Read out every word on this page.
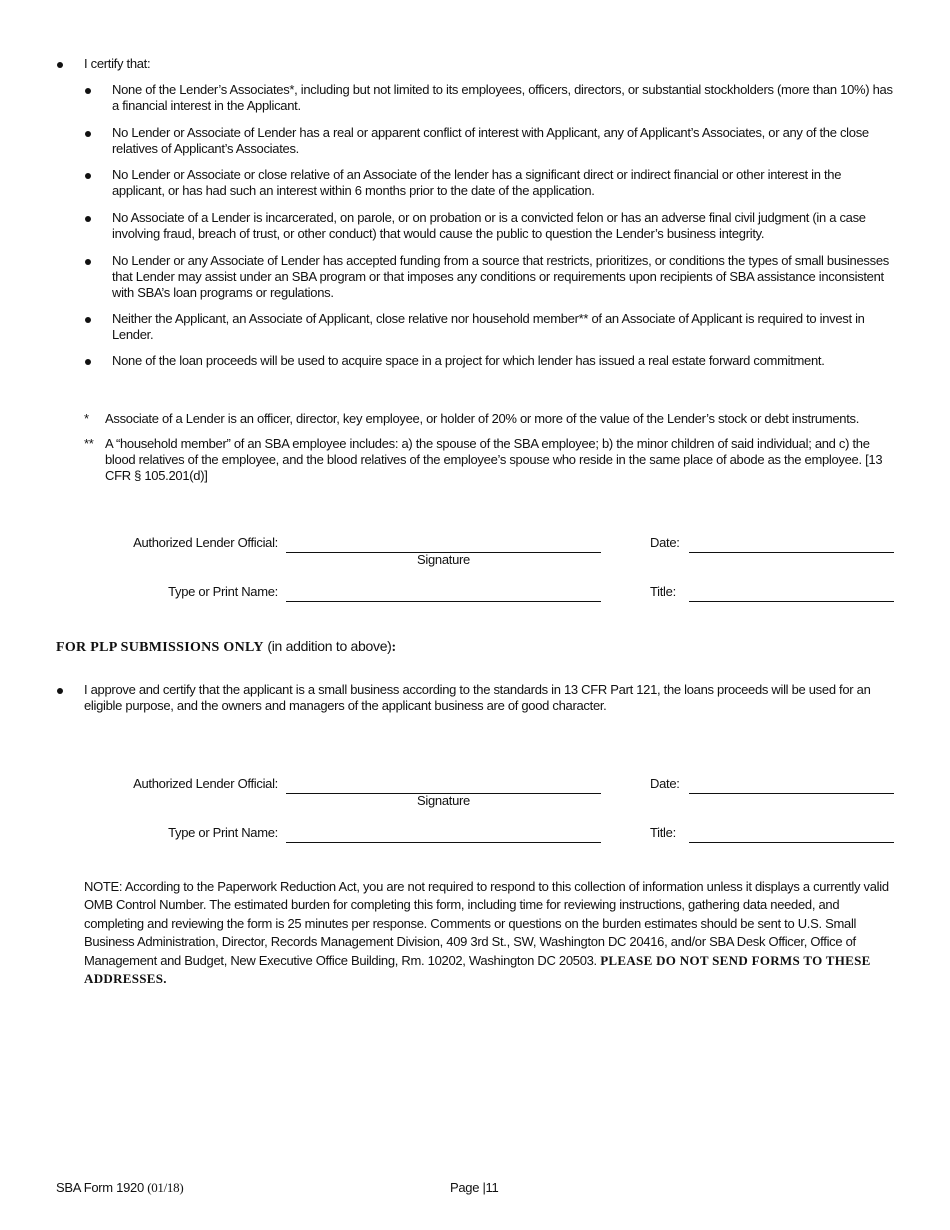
I certify that:
None of the Lender’s Associates*, including but not limited to its employees, officers, directors, or substantial stockholders (more than 10%) has a financial interest in the Applicant.
No Lender or Associate of Lender has a real or apparent conflict of interest with Applicant, any of Applicant’s Associates, or any of the close relatives of Applicant’s Associates.
No Lender or Associate or close relative of an Associate of the lender has a significant direct or indirect financial or other interest in the applicant, or has had such an interest within 6 months prior to the date of the application.
No Associate of a Lender is incarcerated, on parole, or on probation or is a convicted felon or has an adverse final civil judgment (in a case involving fraud, breach of trust, or other conduct) that would cause the public to question the Lender’s business integrity.
No Lender or any Associate of Lender has accepted funding from a source that restricts, prioritizes, or conditions the types of small businesses that Lender may assist under an SBA program or that imposes any conditions or requirements upon recipients of SBA assistance inconsistent with SBA’s loan programs or regulations.
Neither the Applicant, an Associate of Applicant, close relative nor household member** of an Associate of Applicant is required to invest in Lender.
None of the loan proceeds will be used to acquire space in a project for which lender has issued a real estate forward commitment.
* Associate of a Lender is an officer, director, key employee, or holder of 20% or more of the value of the Lender’s stock or debt instruments.
** A “household member” of an SBA employee includes: a) the spouse of the SBA employee; b) the minor children of said individual; and c) the blood relatives of the employee, and the blood relatives of the employee’s spouse who reside in the same place of abode as the employee. [13 CFR § 105.201(d)]
Authorized Lender Official:
Signature
Date:
Type or Print Name:	Title:
FOR PLP SUBMISSIONS ONLY (in addition to above):
I approve and certify that the applicant is a small business according to the standards in 13 CFR Part 121, the loans proceeds will be used for an eligible purpose, and the owners and managers of the applicant business are of good character.
Authorized Lender Official:
Signature
Date:
Type or Print Name:	Title:
NOTE: According to the Paperwork Reduction Act, you are not required to respond to this collection of information unless it displays a currently valid OMB Control Number. The estimated burden for completing this form, including time for reviewing instructions, gathering data needed, and completing and reviewing the form is 25 minutes per response. Comments or questions on the burden estimates should be sent to U.S. Small Business Administration, Director, Records Management Division, 409 3rd St., SW, Washington DC 20416, and/or SBA Desk Officer, Office of Management and Budget, New Executive Office Building, Rm. 10202, Washington DC 20503. PLEASE DO NOT SEND FORMS TO THESE ADDRESSES.
SBA Form 1920 (01/18)	Page |11
